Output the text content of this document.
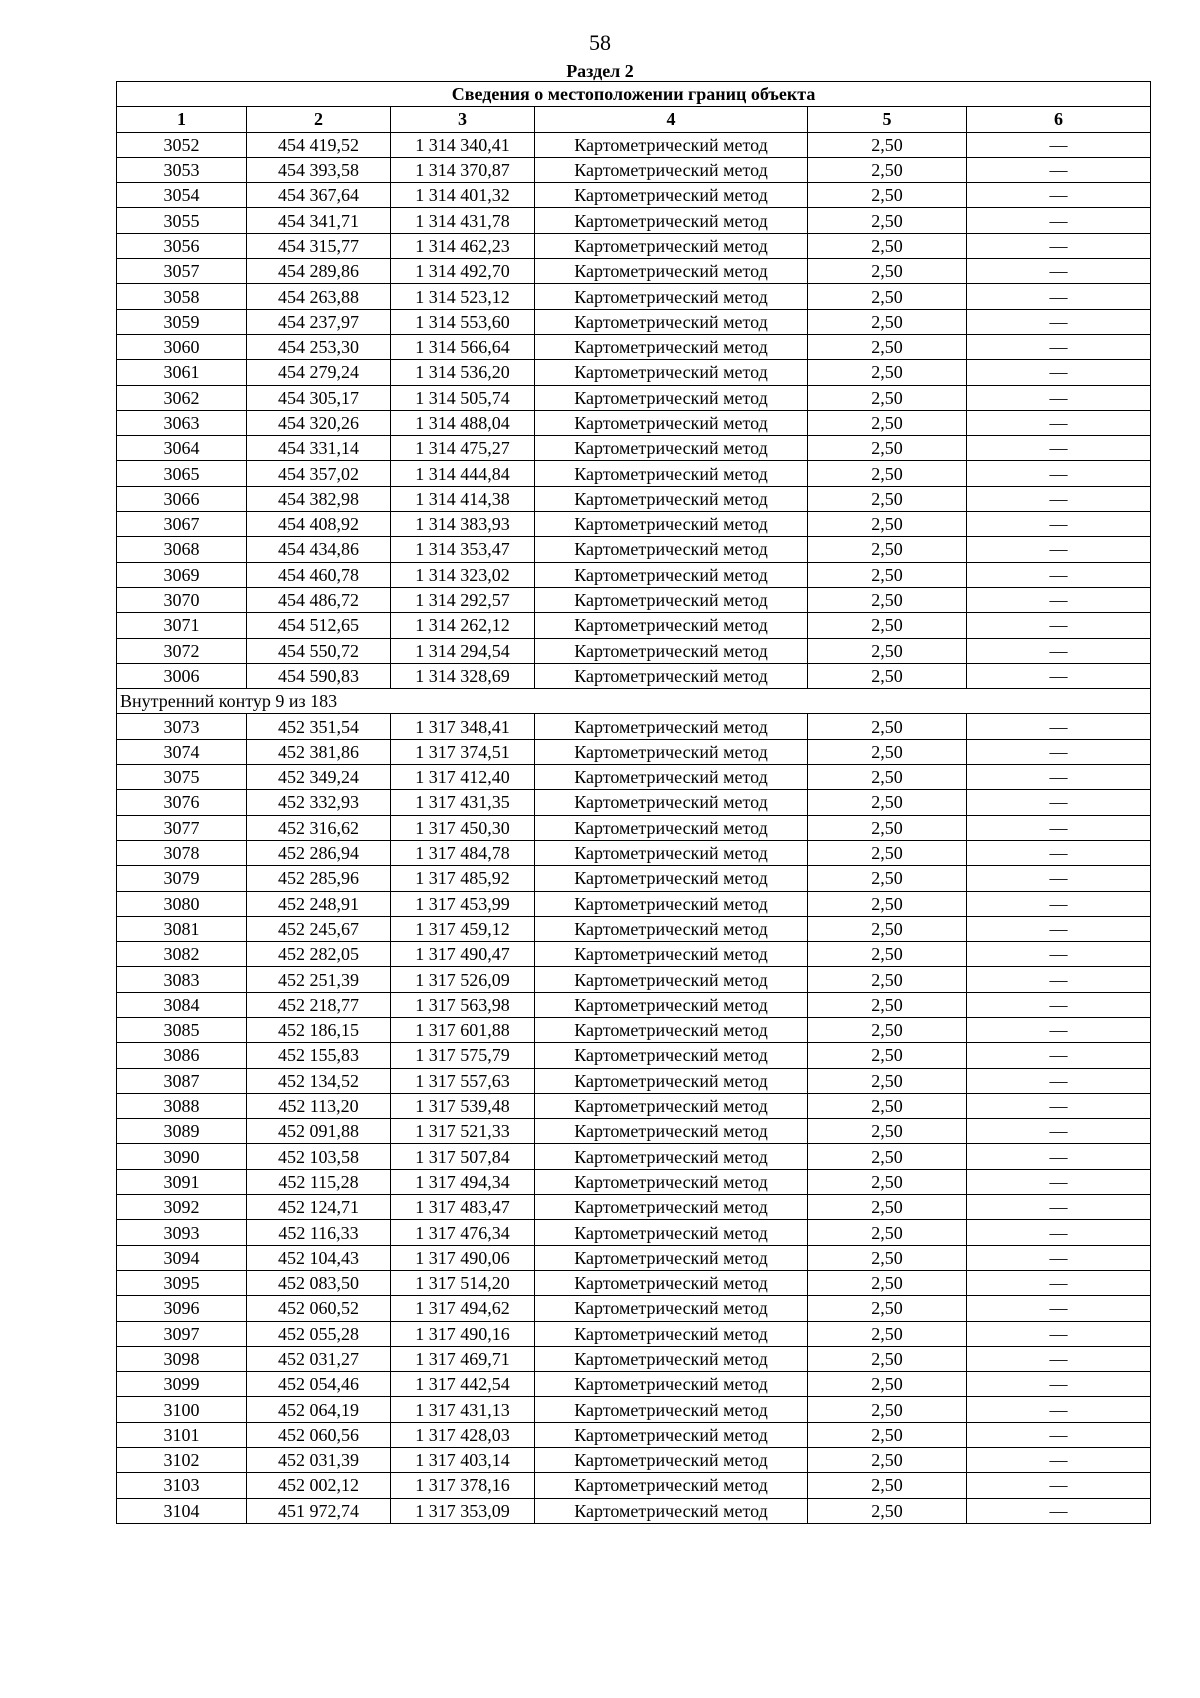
58
Раздел 2
Сведения о местоположении границ объекта					
1	2	3	4	5	6
3052	454 419,52	1 314 340,41	Картометрический метод	2,50	—
3053	454 393,58	1 314 370,87	Картометрический метод	2,50	—
3054	454 367,64	1 314 401,32	Картометрический метод	2,50	—
3055	454 341,71	1 314 431,78	Картометрический метод	2,50	—
3056	454 315,77	1 314 462,23	Картометрический метод	2,50	—
3057	454 289,86	1 314 492,70	Картометрический метод	2,50	—
3058	454 263,88	1 314 523,12	Картометрический метод	2,50	—
3059	454 237,97	1 314 553,60	Картометрический метод	2,50	—
3060	454 253,30	1 314 566,64	Картометрический метод	2,50	—
3061	454 279,24	1 314 536,20	Картометрический метод	2,50	—
3062	454 305,17	1 314 505,74	Картометрический метод	2,50	—
3063	454 320,26	1 314 488,04	Картометрический метод	2,50	—
3064	454 331,14	1 314 475,27	Картометрический метод	2,50	—
3065	454 357,02	1 314 444,84	Картометрический метод	2,50	—
3066	454 382,98	1 314 414,38	Картометрический метод	2,50	—
3067	454 408,92	1 314 383,93	Картометрический метод	2,50	—
3068	454 434,86	1 314 353,47	Картометрический метод	2,50	—
3069	454 460,78	1 314 323,02	Картометрический метод	2,50	—
3070	454 486,72	1 314 292,57	Картометрический метод	2,50	—
3071	454 512,65	1 314 262,12	Картометрический метод	2,50	—
3072	454 550,72	1 314 294,54	Картометрический метод	2,50	—
3006	454 590,83	1 314 328,69	Картометрический метод	2,50	—
Внутренний контур 9 из 183					
3073	452 351,54	1 317 348,41	Картометрический метод	2,50	—
3074	452 381,86	1 317 374,51	Картометрический метод	2,50	—
3075	452 349,24	1 317 412,40	Картометрический метод	2,50	—
3076	452 332,93	1 317 431,35	Картометрический метод	2,50	—
3077	452 316,62	1 317 450,30	Картометрический метод	2,50	—
3078	452 286,94	1 317 484,78	Картометрический метод	2,50	—
3079	452 285,96	1 317 485,92	Картометрический метод	2,50	—
3080	452 248,91	1 317 453,99	Картометрический метод	2,50	—
3081	452 245,67	1 317 459,12	Картометрический метод	2,50	—
3082	452 282,05	1 317 490,47	Картометрический метод	2,50	—
3083	452 251,39	1 317 526,09	Картометрический метод	2,50	—
3084	452 218,77	1 317 563,98	Картометрический метод	2,50	—
3085	452 186,15	1 317 601,88	Картометрический метод	2,50	—
3086	452 155,83	1 317 575,79	Картометрический метод	2,50	—
3087	452 134,52	1 317 557,63	Картометрический метод	2,50	—
3088	452 113,20	1 317 539,48	Картометрический метод	2,50	—
3089	452 091,88	1 317 521,33	Картометрический метод	2,50	—
3090	452 103,58	1 317 507,84	Картометрический метод	2,50	—
3091	452 115,28	1 317 494,34	Картометрический метод	2,50	—
3092	452 124,71	1 317 483,47	Картометрический метод	2,50	—
3093	452 116,33	1 317 476,34	Картометрический метод	2,50	—
3094	452 104,43	1 317 490,06	Картометрический метод	2,50	—
3095	452 083,50	1 317 514,20	Картометрический метод	2,50	—
3096	452 060,52	1 317 494,62	Картометрический метод	2,50	—
3097	452 055,28	1 317 490,16	Картометрический метод	2,50	—
3098	452 031,27	1 317 469,71	Картометрический метод	2,50	—
3099	452 054,46	1 317 442,54	Картометрический метод	2,50	—
3100	452 064,19	1 317 431,13	Картометрический метод	2,50	—
3101	452 060,56	1 317 428,03	Картометрический метод	2,50	—
3102	452 031,39	1 317 403,14	Картометрический метод	2,50	—
3103	452 002,12	1 317 378,16	Картометрический метод	2,50	—
3104	451 972,74	1 317 353,09	Картометрический метод	2,50	—
